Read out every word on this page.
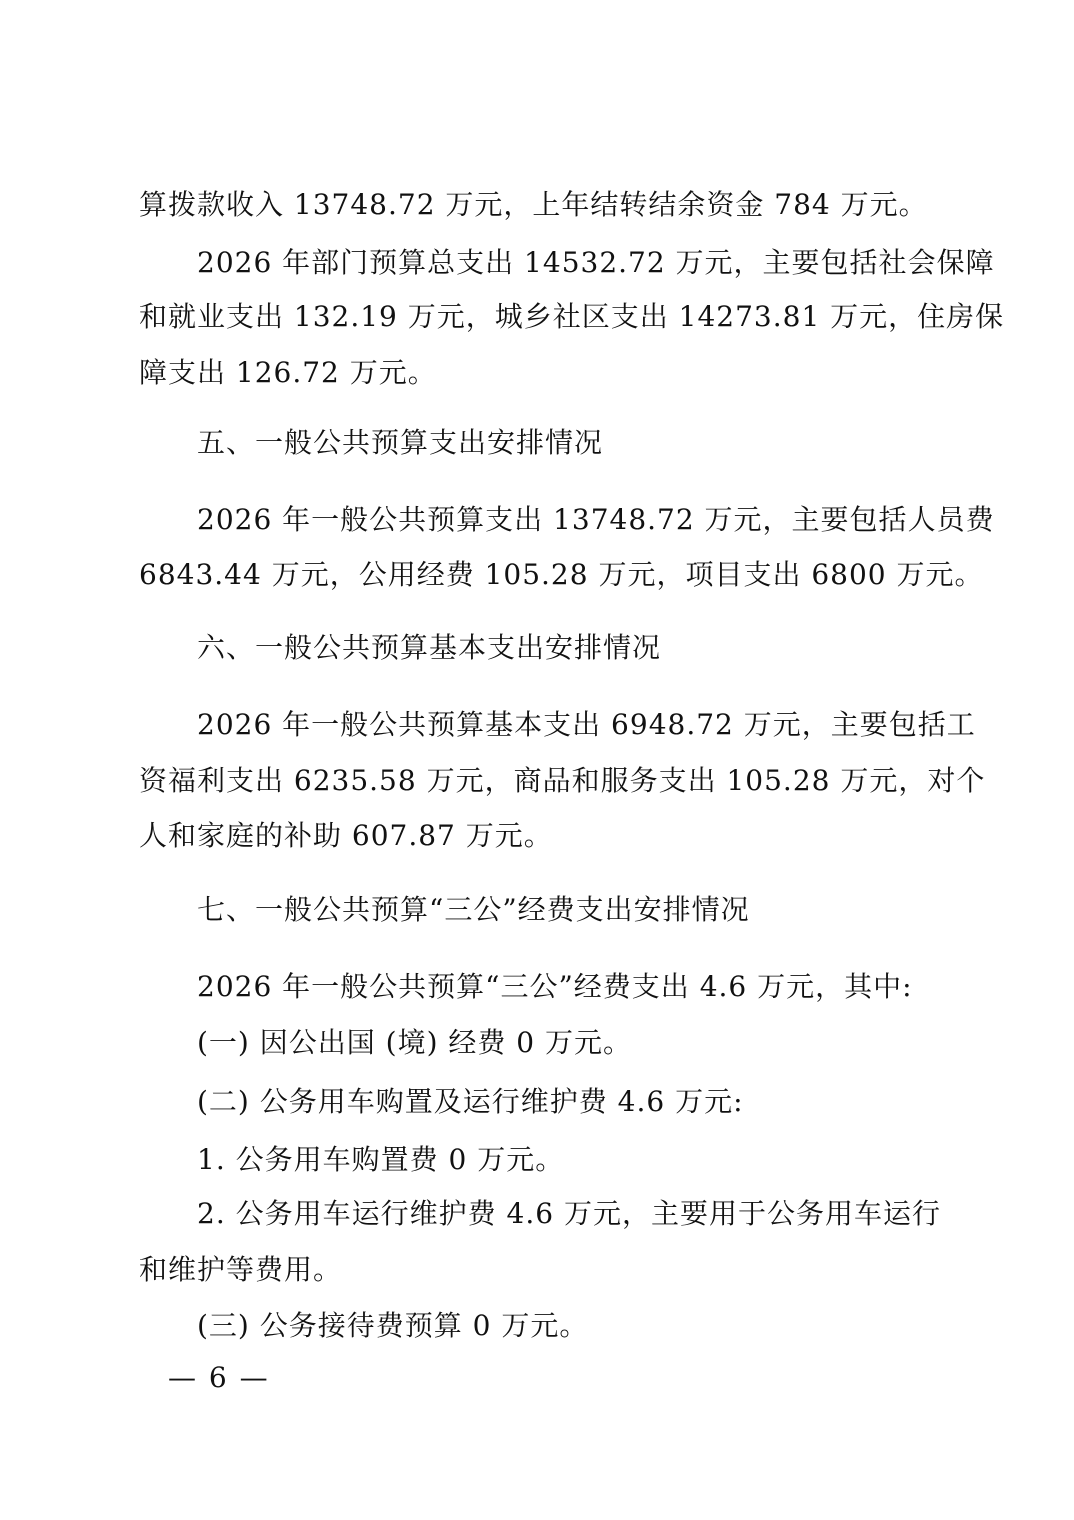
算拨款收入 13748.72 万元，上年结转结余资金 784 万元。
2026 年部门预算总支出 14532.72 万元，主要包括社会保障
和就业支出 132.19 万元，城乡社区支出 14273.81 万元，住房保
障支出 126.72 万元。
五、一般公共预算支出安排情况
2026 年一般公共预算支出 13748.72 万元，主要包括人员费
6843.44 万元，公用经费 105.28 万元，项目支出 6800 万元。
六、一般公共预算基本支出安排情况
2026 年一般公共预算基本支出 6948.72 万元，主要包括工
资福利支出 6235.58 万元，商品和服务支出 105.28 万元，对个
人和家庭的补助 607.87 万元。
七、一般公共预算“三公”经费支出安排情况
2026 年一般公共预算“三公”经费支出 4.6 万元，其中:
(一) 因公出国 (境) 经费 0 万元。
(二) 公务用车购置及运行维护费 4.6 万元:
1. 公务用车购置费 0 万元。
2. 公务用车运行维护费 4.6 万元，主要用于公务用车运行
和维护等费用。
(三) 公务接待费预算 0 万元。
— 6 —
